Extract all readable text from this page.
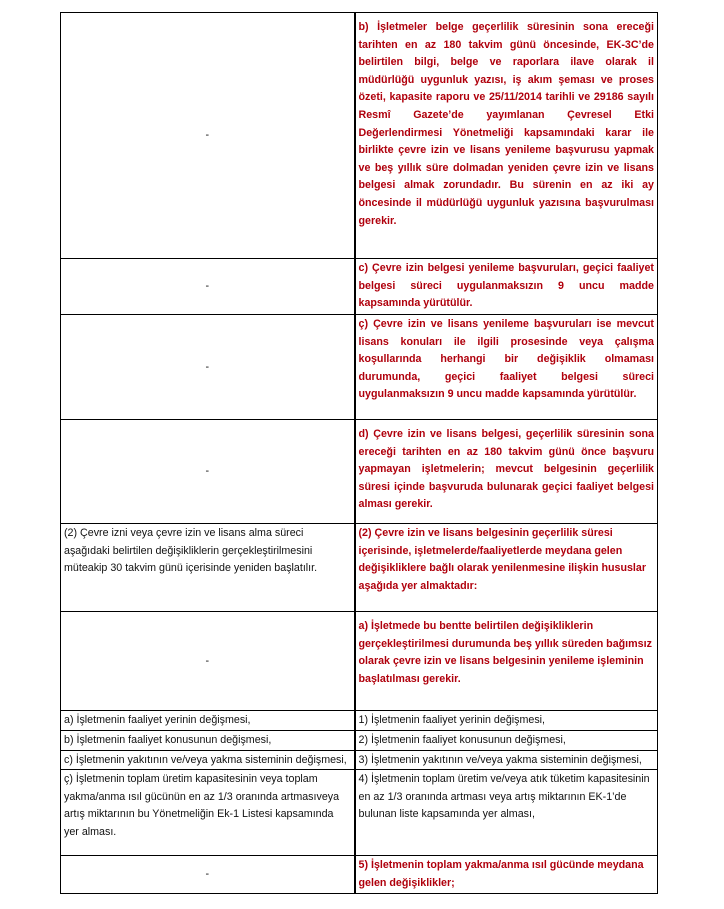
-	b) İşletmeler belge geçerlilik süresinin sona ereceği tarihten en az 180 takvim günü öncesinde, EK-3C’de belirtilen bilgi, belge ve raporlara ilave olarak il müdürlüğü uygunluk yazısı, iş akım şeması ve proses özeti, kapasite raporu ve 25/11/2014 tarihli ve 29186 sayılı Resmî Gazete’de yayımlanan Çevresel Etki Değerlendirmesi Yönetmeliği kapsamındaki karar ile birlikte çevre izin ve lisans yenileme başvurusu yapmak ve beş yıllık süre dolmadan yeniden çevre izin ve lisans belgesi almak zorundadır. Bu sürenin en az iki ay öncesinde il müdürlüğü uygunluk yazısına başvurulması gerekir.
-	c) Çevre izin belgesi yenileme başvuruları, geçici faaliyet belgesi süreci uygulanmaksızın 9 uncu madde kapsamında yürütülür.
-	ç) Çevre izin ve lisans yenileme başvuruları ise mevcut lisans konuları ile ilgili prosesinde veya çalışma koşullarında herhangi bir değişiklik olmaması durumunda, geçici faaliyet belgesi süreci uygulanmaksızın 9 uncu madde kapsamında yürütülür.
-	d) Çevre izin ve lisans belgesi, geçerlilik süresinin sona ereceği tarihten en az 180 takvim günü önce başvuru yapmayan işletmelerin; mevcut belgesinin geçerlilik süresi içinde başvuruda bulunarak geçici faaliyet belgesi alması gerekir.
(2) Çevre izni veya çevre izin ve lisans alma süreci aşağıdaki belirtilen değişikliklerin gerçekleştirilmesini müteakip 30 takvim günü içerisinde yeniden başlatılır.	(2) Çevre izin ve lisans belgesinin geçerlilik süresi içerisinde, işletmelerde/faaliyetlerde meydana gelen değişikliklere bağlı olarak yenilenmesine ilişkin hususlar aşağıda yer almaktadır:
-	a) İşletmede bu bentte belirtilen değişikliklerin gerçekleştirilmesi durumunda beş yıllık süreden bağımsız olarak çevre izin ve lisans belgesinin yenileme işleminin başlatılması gerekir.
a) İşletmenin faaliyet yerinin değişmesi,	1) İşletmenin faaliyet yerinin değişmesi,
b) İşletmenin faaliyet konusunun değişmesi,	2) İşletmenin faaliyet konusunun değişmesi,
c) İşletmenin yakıtının ve/veya yakma sisteminin değişmesi,	3) İşletmenin yakıtının ve/veya yakma sisteminin değişmesi,
ç) İşletmenin toplam üretim kapasitesinin veya toplam yakma/anma ısıl gücünün en az 1/3 oranında artmasıveya artış miktarının bu Yönetmeliğin Ek-1 Listesi kapsamında yer alması.	4) İşletmenin toplam üretim ve/veya atık tüketim kapasitesinin en az 1/3 oranında artması veya artış miktarının EK-1’de bulunan liste kapsamında yer alması,
-	5) İşletmenin toplam yakma/anma ısıl gücünde meydana gelen değişiklikler;
